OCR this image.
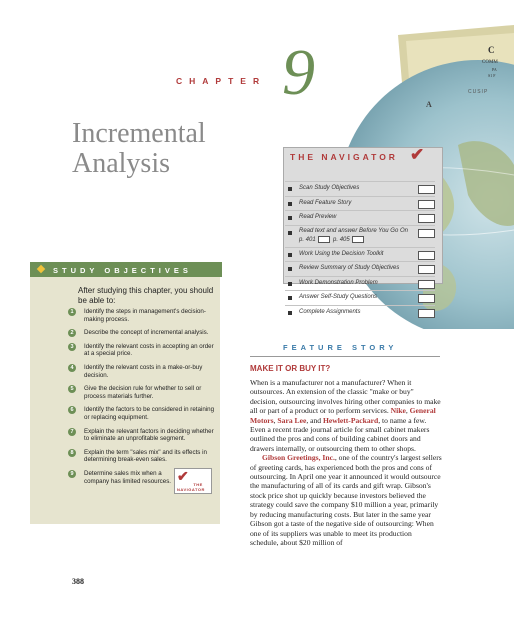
C
COMM
PA
S1 F
CUSIP
A
CHAPTER 9
Incremental
Analysis	THE NAVIGATOR ✔
Scan Study Objectives
Read Feature Story
Read Preview
Read text and answer Before You Go On

p. 401	p. 405
Work Using the Decision Toolkit
Review Summary of Study Objectives
Work Demonstration Problem
Answer Self-Study Questions
Complete Assignments
STUDY OBJECTIVES
After studying this chapter, you should be able to:
1	Identify the steps in management's decision-making process.
2	Describe the concept of incremental analysis.
3	Identify the relevant costs in accepting an order at a special price.
4	Identify the relevant costs in a make-or-buy decision.
5	Give the decision rule for whether to sell or process materials further.
6	Identify the factors to be considered in retaining or replacing equipment.
7	Explain the relevant factors in deciding whether to eliminate an unprofitable segment.
8	Explain the term "sales mix" and its effects in determining break-even sales.
9	Determine sales mix when a company has limited resources. ✔
THE
NAVIGATOR
FEATURE STORY
MAKE IT OR BUY IT?

When is a manufacturer not a manufacturer? When it outsources. An extension of the classic "make or buy" decision, outsourcing involves hiring other companies to make all or part of a product or to perform services. Nike, General Motors, Sara Lee, and Hewlett-Packard, to name a few. Even a recent trade journal article for small cabinet makers outlined the pros and cons of building cabinet doors and drawers internally, or outsourcing them to other shops.

Gibson Greetings, Inc., one of the country's largest sellers of greeting cards, has experienced both the pros and cons of outsourcing. In April one year it announced it would outsource the manufacturing of all of its cards and gift wrap. Gibson's stock price shot up quickly because investors believed the strategy could save the company $10 million a year, primarily by reducing manufacturing costs. But later in the same year Gibson got a taste of the negative side of outsourcing: When one of its suppliers was unable to meet its production schedule, about $20 million of

388
